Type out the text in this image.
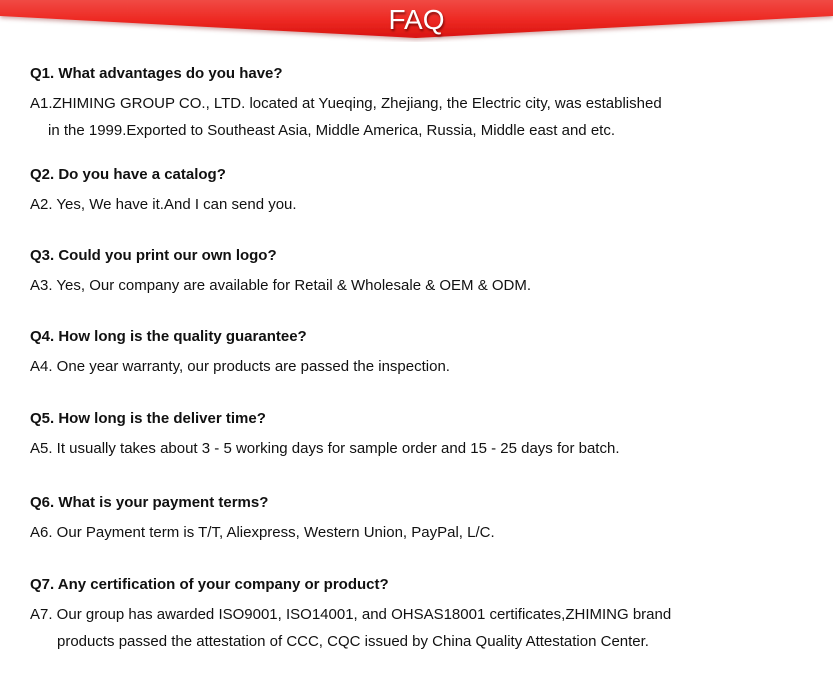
FAQ
Q1. What advantages do you have?
A1.ZHIMING GROUP CO., LTD. located at Yueqing, Zhejiang, the Electric city, was established
in the 1999.Exported to Southeast Asia, Middle America, Russia, Middle east and etc.
Q2. Do you have a catalog?
A2. Yes, We have it.And I can send you.
Q3. Could you print our own logo?
A3. Yes, Our company are available for Retail & Wholesale & OEM & ODM.
Q4. How long is the quality guarantee?
A4. One year warranty, our products are passed the inspection.
Q5. How long is the deliver time?
A5. It usually takes about 3 - 5 working days for sample order and 15 - 25 days for batch.
Q6. What is your payment terms?
A6. Our Payment term is T/T, Aliexpress, Western Union, PayPal, L/C.
Q7. Any certification of your company or product?
A7. Our group has awarded ISO9001, ISO14001, and OHSAS18001 certificates,ZHIMING brand
products passed the attestation of CCC, CQC issued by China Quality Attestation Center.
